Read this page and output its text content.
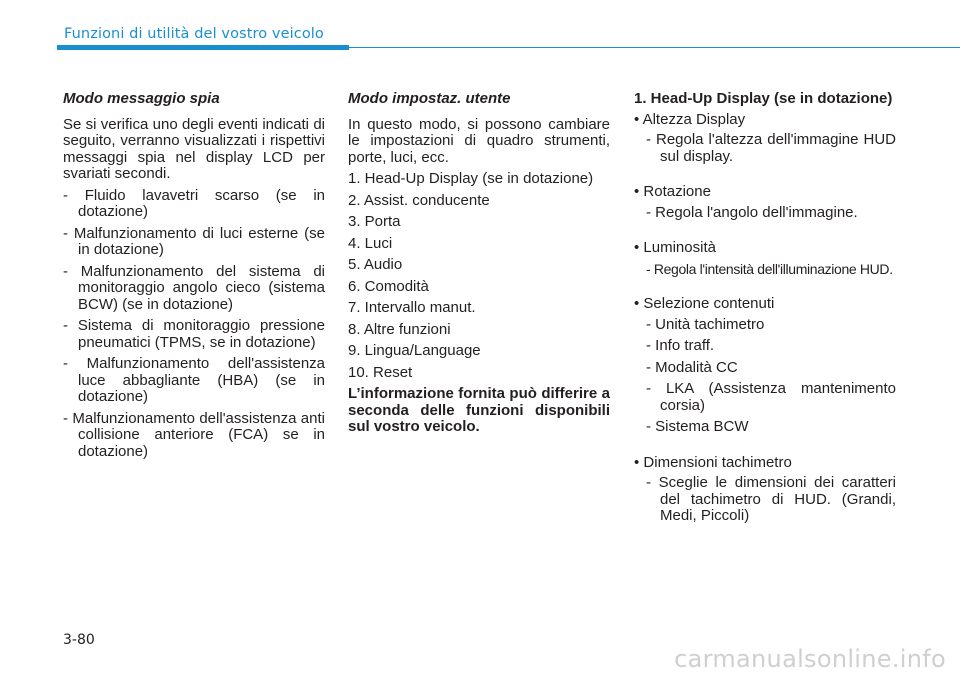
Funzioni di utilità del vostro veicolo
Modo messaggio spia

Se si verifica uno degli eventi indicati di seguito, verranno visualizzati i rispettivi messaggi spia nel display LCD per svariati secondi.

- Fluido lavavetri scarso (se in dotazione)

- Malfunzionamento di luci esterne (se in dotazione)

- Malfunzionamento del sistema di monitoraggio angolo cieco (sistema BCW) (se in dotazione)

- Sistema di monitoraggio pressione pneumatici (TPMS, se in dotazione)

- Malfunzionamento dell'assistenza luce abbagliante (HBA) (se in dotazione)

- Malfunzionamento dell'assistenza anti collisione anteriore (FCA) se in dotazione)

Modo impostaz. utente

In questo modo, si possono cambiare le impostazioni di quadro strumenti, porte, luci, ecc.

1. Head-Up Display (se in dotazione)

2. Assist. conducente

3. Porta

4. Luci

5. Audio

6. Comodità

7. Intervallo manut.

8. Altre funzioni

9. Lingua/Language

10. Reset

L’informazione fornita può differire a seconda delle funzioni disponibili sul vostro veicolo.

1. Head-Up Display (se in dotazione)

• Altezza Display

- Regola l'altezza dell'immagine HUD sul display.

• Rotazione

- Regola l'angolo dell'immagine.

• Luminosità

- Regola l'intensità dell'illuminazione HUD.

• Selezione contenuti

- Unità tachimetro

- Info traff.

- Modalità CC

- LKA (Assistenza mantenimento corsia)

- Sistema BCW

• Dimensioni tachimetro

- Sceglie le dimensioni dei caratteri del tachimetro di HUD. (Grandi, Medi, Piccoli)

3-80
carmanualsonline.info
